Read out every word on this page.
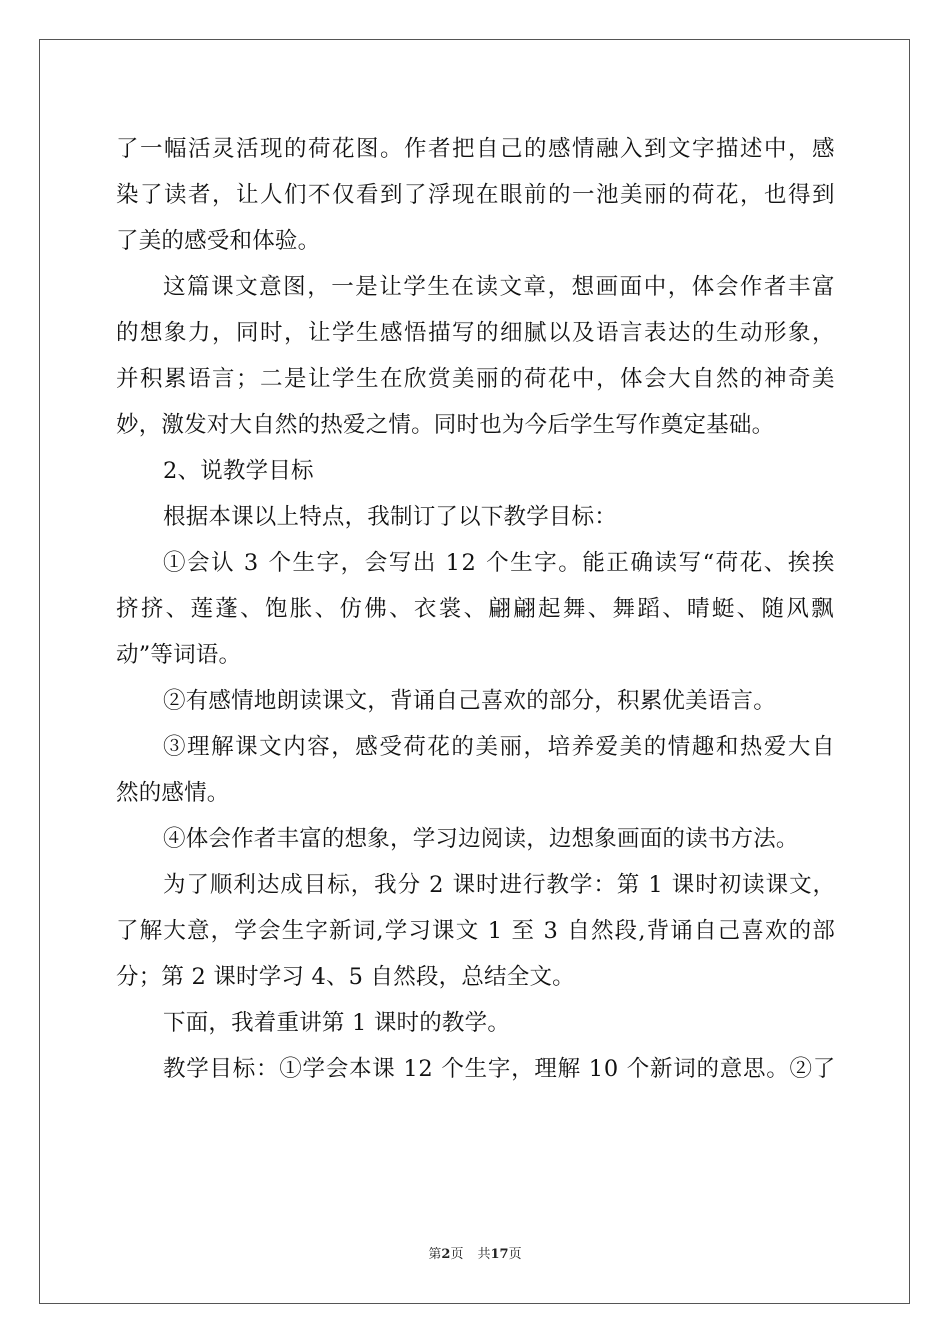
了一幅活灵活现的荷花图。作者把自己的感情融入到文字描述中，感
染了读者，让人们不仅看到了浮现在眼前的一池美丽的荷花，也得到
了美的感受和体验。
这篇课文意图，一是让学生在读文章，想画面中，体会作者丰富
的想象力，同时，让学生感悟描写的细腻以及语言表达的生动形象，
并积累语言；二是让学生在欣赏美丽的荷花中，体会大自然的神奇美
妙，激发对大自然的热爱之情。同时也为今后学生写作奠定基础。
2、说教学目标
根据本课以上特点，我制订了以下教学目标：
①会认 3 个生字，会写出 12 个生字。能正确读写“荷花、挨挨
挤挤、莲蓬、饱胀、仿佛、衣裳、翩翩起舞、舞蹈、晴蜓、随风飘
动”等词语。
②有感情地朗读课文，背诵自己喜欢的部分，积累优美语言。
③理解课文内容，感受荷花的美丽，培养爱美的情趣和热爱大自
然的感情。
④体会作者丰富的想象，学习边阅读，边想象画面的读书方法。
为了顺利达成目标，我分 2 课时进行教学：第 1 课时初读课文，
了解大意，学会生字新词,学习课文 1 至 3 自然段,背诵自己喜欢的部
分；第 2 课时学习 4、5 自然段，总结全文。
下面，我着重讲第 1 课时的教学。
教学目标：①学会本课 12 个生字，理解 10 个新词的意思。②了
第2页 共17页
